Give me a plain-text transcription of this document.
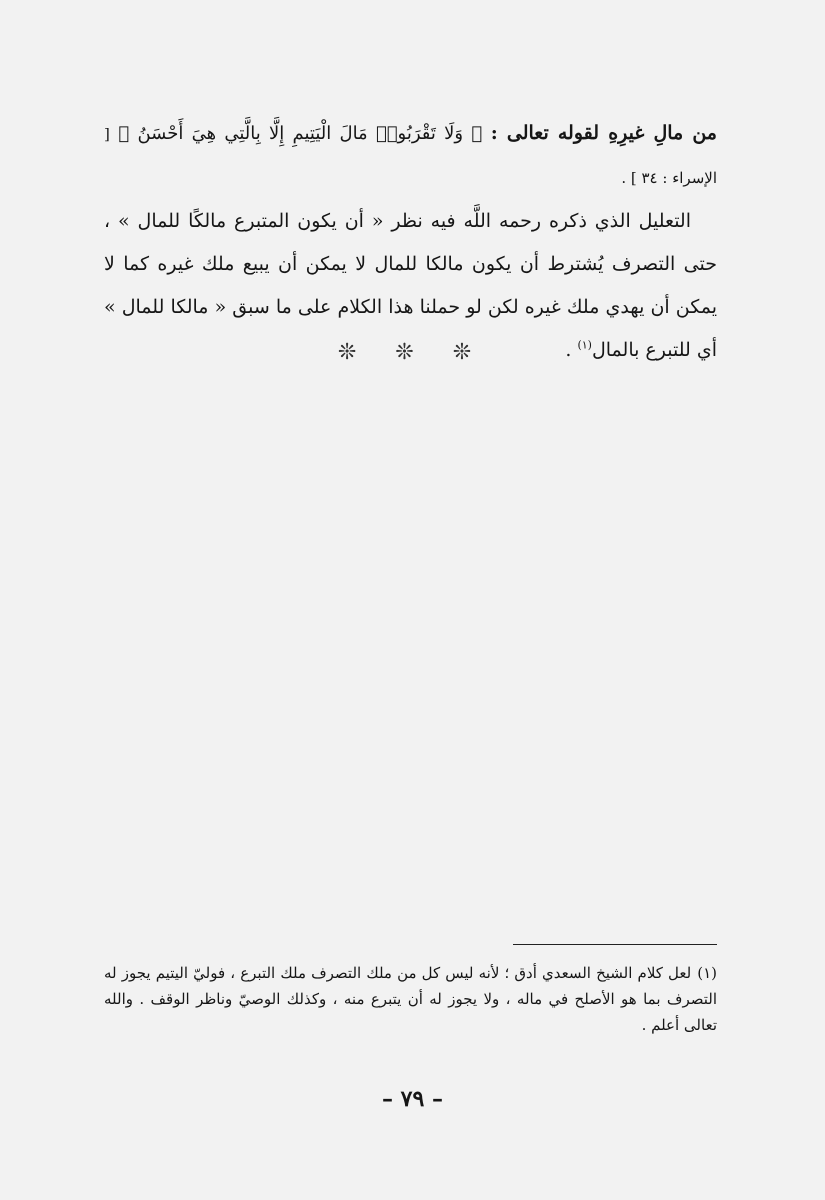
من مالِ غيرِهِ لقوله تعالى : ﴿ وَلَا تَقْرَبُوا۟ مَالَ الْيَتِيمِ إِلَّا بِالَّتِي هِيَ أَحْسَنُ ﴾ [ الإسراء : ٣٤ ] .

التعليل الذي ذكره رحمه اللَّه فيه نظر « أن يكون المتبرع مالكًا للمال » ، حتى التصرف يُشترط أن يكون مالكا للمال لا يمكن أن يبيع ملك غيره كما لا يمكن أن يهدي ملك غيره لكن لو حملنا هذا الكلام على ما سبق « مالكا للمال » أي للتبرع بالمال$^{(١)}$ .

❊ ❊ ❊

(١)لعل كلام الشيخ السعدي أدق ؛ لأنه ليس كل من ملك التصرف ملك التبرع ، فوليّ اليتيم يجوز له التصرف بما هو الأصلح في ماله ، ولا يجوز له أن يتبرع منه ، وكذلك الوصيّ وناظر الوقف . والله تعالى أعلم .

– ٧٩ –
